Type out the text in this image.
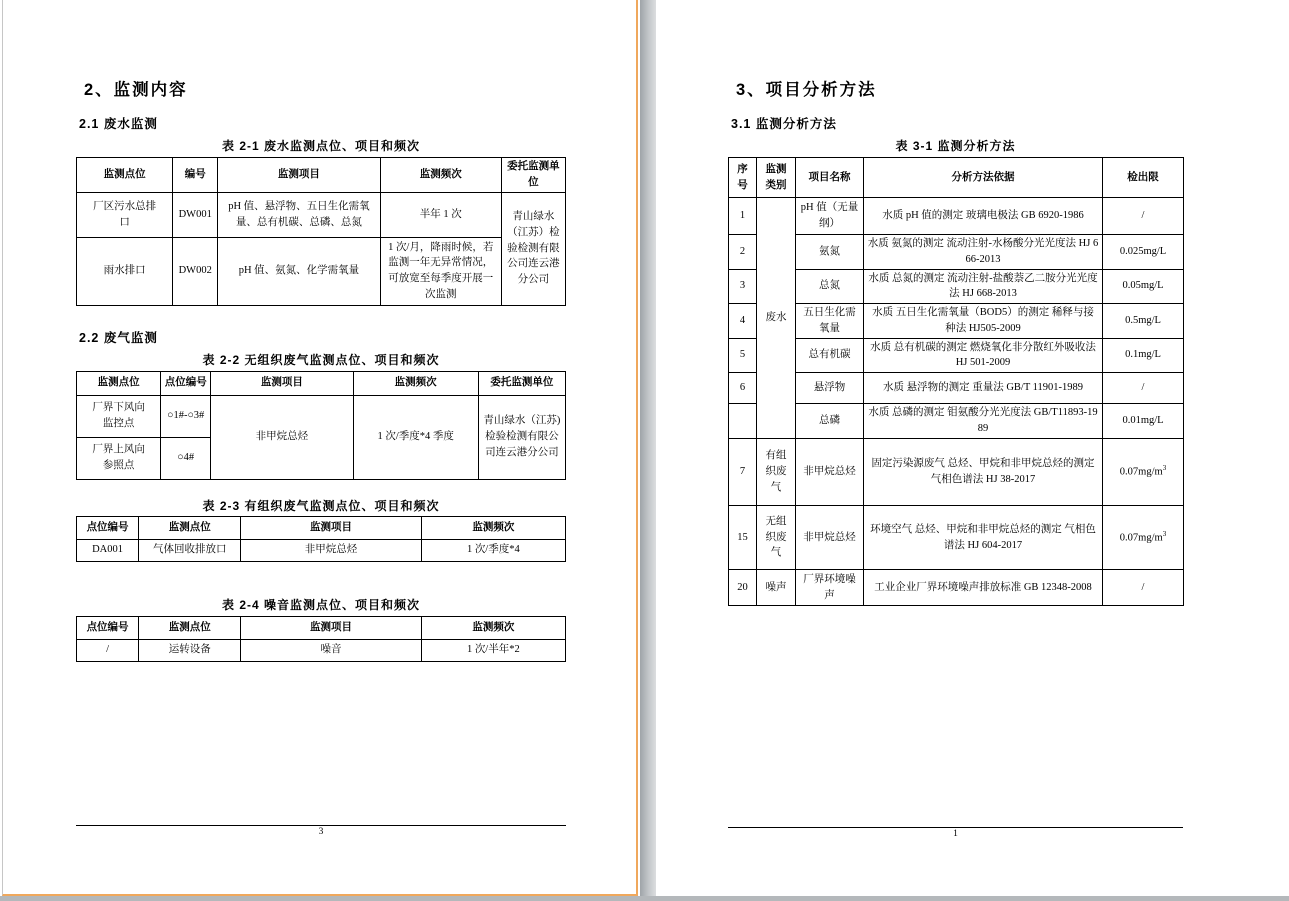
2、监测内容
2.1 废水监测
表 2-1 废水监测点位、项目和频次
监测点位	编号	监测项目	监测频次	委托监测单位
厂区污水总排口	DW001	pH 值、悬浮物、五日生化需氧量、总有机碳、总磷、总氮	半年 1 次	青山绿水（江苏）检验检测有限公司连云港分公司
雨水排口	DW002	pH 值、氨氮、化学需氧量	1 次/月，降雨时候，若监测一年无异常情况，可放宽至每季度开展一次监测	
2.2 废气监测
表 2-2 无组织废气监测点位、项目和频次
监测点位	点位编号	监测项目	监测频次	委托监测单位
厂界下风向监控点	○1#-○3#	非甲烷总烃	1 次/季度*4 季度	青山绿水（江苏)检验检测有限公司连云港分公司
厂界上风向参照点	○4#			
表 2-3 有组织废气监测点位、项目和频次
点位编号	监测点位	监测项目	监测频次
DA001	气体回收排放口	非甲烷总烃	1 次/季度*4
表 2-4 噪音监测点位、项目和频次
点位编号	监测点位	监测项目	监测频次
/	运转设备	噪音	1 次/半年*2
3
3、项目分析方法
3.1 监测分析方法
表 3-1 监测分析方法
序号	监测类别	项目名称	分析方法依据	检出限
1	废水	pH 值（无量纲）	水质 pH 值的测定 玻璃电极法 GB 6920-1986	/
2		氨氮	水质 氨氮的测定 流动注射-水杨酸分光光度法 HJ 666-2013	0.025mg/L
3		总氮	水质 总氮的测定 流动注射-盐酸萘乙二胺分光光度法 HJ 668-2013	0.05mg/L
4		五日生化需氧量	水质 五日生化需氧量（BOD5）的测定 稀释与接种法 HJ505-2009	0.5mg/L
5		总有机碳	水质 总有机碳的测定 燃烧氧化非分散红外吸收法 HJ 501-2009	0.1mg/L
6		悬浮物	水质 悬浮物的测定 重量法 GB/T 11901-1989	/
		总磷	水质 总磷的测定 钼氨酸分光光度法 GB/T11893-1989	0.01mg/L
7	有组织废气	非甲烷总烃	固定污染源废气 总烃、甲烷和非甲烷总烃的测定 气相色谱法 HJ 38-2017	$0.07mg/m^3$
15	无组织废气	非甲烷总烃	环境空气 总烃、甲烷和非甲烷总烃的测定 气相色谱法 HJ 604-2017	$0.07mg/m^3$
20	噪声	厂界环境噪声	工业企业厂界环境噪声排放标准 GB 12348-2008	/
1
